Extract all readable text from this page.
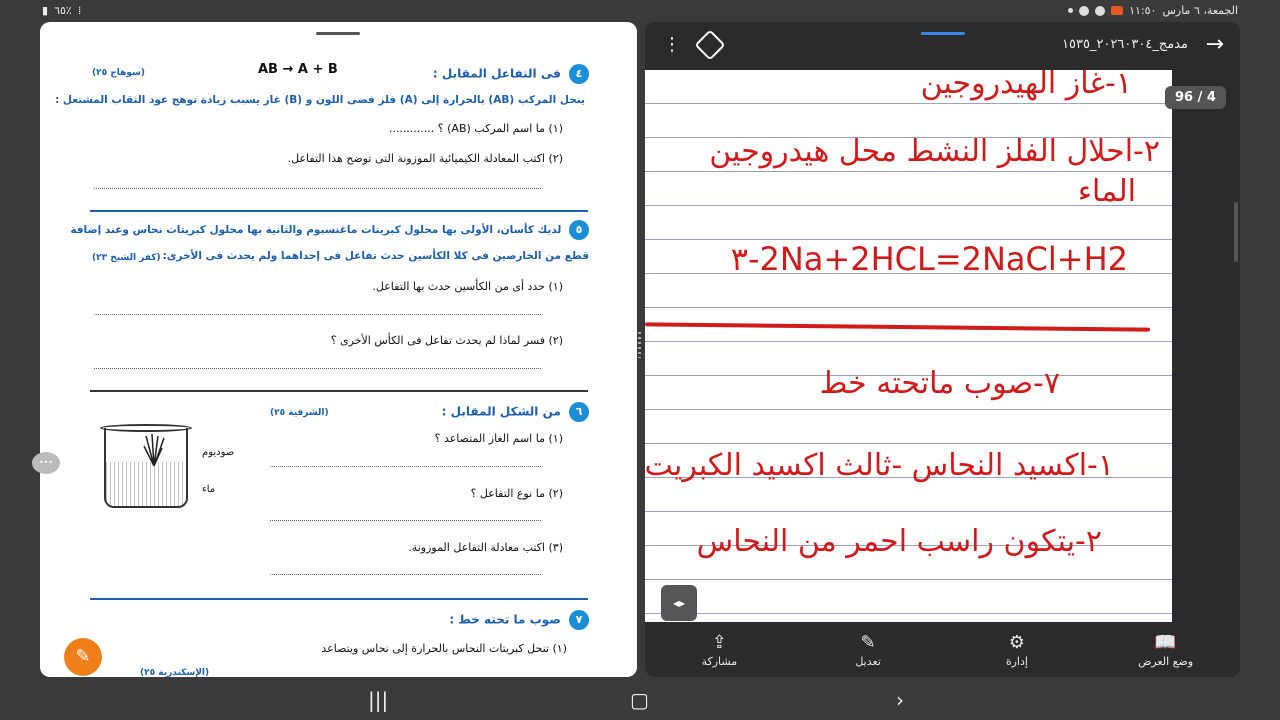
▮ ٦٥٪ ⁞	الجمعة، ٦ مارس
١١:٥٠
٤ فى التفاعل المقابل :
AB → A + B
(سوهاج ٢٥)
ينحل المركب (AB) بالحرارة إلى (A) فلز فضى اللون و (B) غاز يسبب زيادة توهج عود الثقاب المشتعل :
(١) ما اسم المركب (AB) ؟ .............
(٢) اكتب المعادلة الكيميائية الموزونة التى توضح هذا التفاعل.
٥ لديك كأسان، الأولى بها محلول كبريتات ماغنسيوم والثانية بها محلول كبريتات نحاس وعند إضافة
قطع من الخارصين فى كلا الكأسين حدث تفاعل فى إحداهما ولم يحدث فى الأخرى:
(كفر الشيخ ٢٣)
(١) حدد أى من الكأسين حدث بها التفاعل.
(٢) فسر لماذا لم يحدث تفاعل فى الكأس الأخرى ؟
٦ من الشكل المقابل :
(الشرقية ٢٥)
(١) ما اسم الغاز المتصاعد ؟
(٢) ما نوع التفاعل ؟
(٣) اكتب معادلة التفاعل الموزونة.
صوديوم
ماء
٧ صوب ما تحته خط :
(١) تنحل كبريتات النحاس بالحرارة إلى نحاس ويتصاعد
(الإسكندرية ٢٥)
✎
•••
⋮	مدمج_٢٠٢٦٠٣٠٤_١٥٣٥ →
١-غاز الهيدروجين
٢-احلال الفلز النشط محل هيدروجين
الماء
٣-2Na+2HCL=2NaCl+H2
٧-صوب ماتحته خط
١-اكسيد النحاس -ثالث اكسيد الكبريت
٢-يتكون راسب احمر من النحاس
96 / 4
◂▸
📖
وضع العرض
⚙
إدارة
✎
تعديل
⇪
مشاركة
|||	▢	›
